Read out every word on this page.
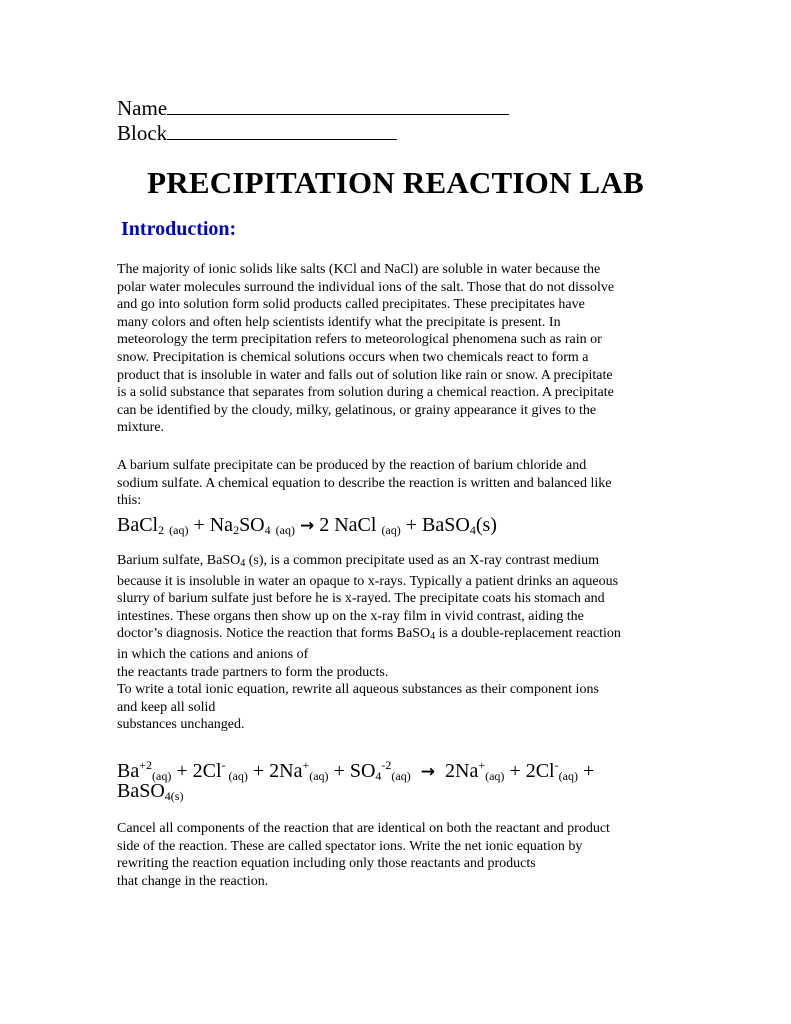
Name
Block
PRECIPITATION REACTION LAB
Introduction:

The majority of ionic solids like salts (KCl and NaCl) are soluble in water because the
polar water molecules surround the individual ions of the salt. Those that do not dissolve
and go into solution form solid products called precipitates. These precipitates have
many colors and often help scientists identify what the precipitate is present. In
meteorology the term precipitation refers to meteorological phenomena such as rain or
snow. Precipitation is chemical solutions occurs when two chemicals react to form a
product that is insoluble in water and falls out of solution like rain or snow. A precipitate
is a solid substance that separates from solution during a chemical reaction. A precipitate
can be identified by the cloudy, milky, gelatinous, or grainy appearance it gives to the
mixture.

A barium sulfate precipitate can be produced by the reaction of barium chloride and
sodium sulfate. A chemical equation to describe the reaction is written and balanced like
this:

BaCl2 (aq) + Na2SO4 (aq) → 2 NaCl (aq) + BaSO4(s)

Barium sulfate, BaSO4 (s), is a common precipitate used as an X-ray contrast medium
because it is insoluble in water an opaque to x-rays. Typically a patient drinks an aqueous
slurry of barium sulfate just before he is x-rayed. The precipitate coats his stomach and
intestines. These organs then show up on the x-ray film in vivid contrast, aiding the
doctor’s diagnosis. Notice the reaction that forms BaSO4 is a double-replacement reaction
in which the cations and anions of
the reactants trade partners to form the products.
To write a total ionic equation, rewrite all aqueous substances as their component ions
and keep all solid
substances unchanged.

$Ba^{+2}(aq) + 2Cl^-$ $(aq) + 2Na^+(aq) + SO4^{-2}(aq) \to 2Na^+(aq) + 2Cl^-(aq)$ +
BaSO4(s)

Cancel all components of the reaction that are identical on both the reactant and product
side of the reaction. These are called spectator ions. Write the net ionic equation by
rewriting the reaction equation including only those reactants and products
that change in the reaction.
